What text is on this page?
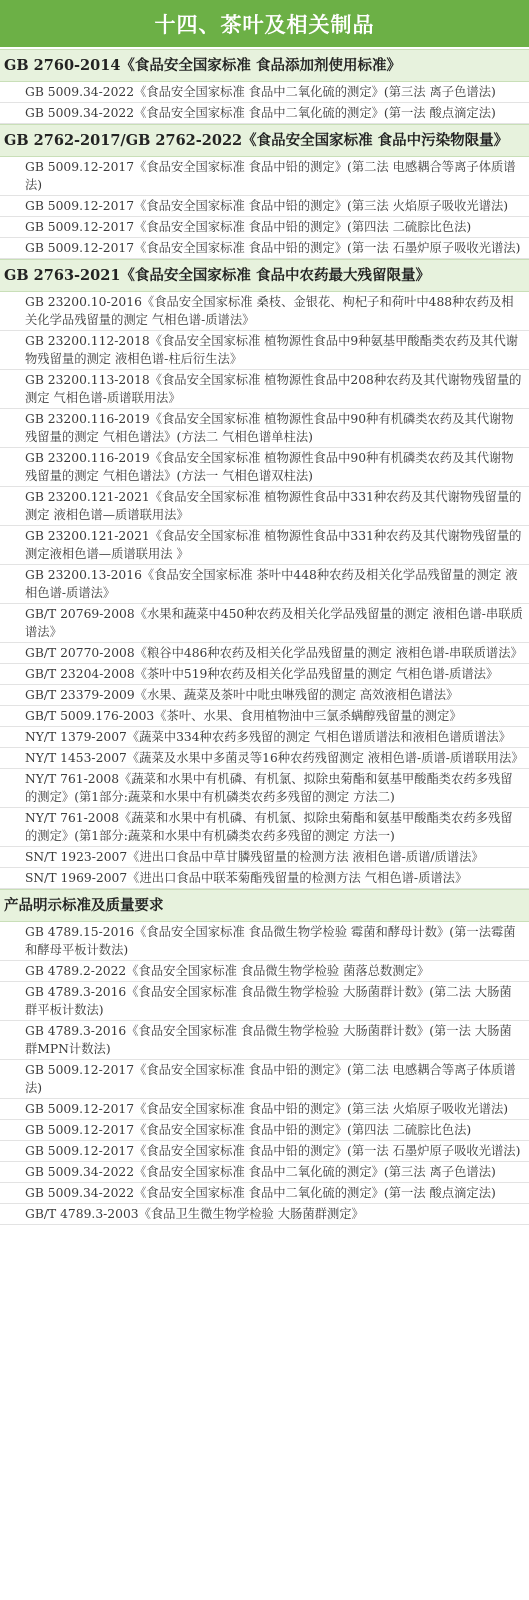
十四、茶叶及相关制品
GB 2760-2014《食品安全国家标准 食品添加剂使用标准》
GB 5009.34-2022《食品安全国家标准 食品中二氧化硫的测定》(第三法 离子色谱法)
GB 5009.34-2022《食品安全国家标准 食品中二氧化硫的测定》(第一法 酸点滴定法)
GB 2762-2017/GB 2762-2022《食品安全国家标准 食品中污染物限量》
GB 5009.12-2017《食品安全国家标准 食品中铅的测定》(第二法 电感耦合等离子体质谱法)
GB 5009.12-2017《食品安全国家标准 食品中铅的测定》(第三法 火焰原子吸收光谱法)
GB 5009.12-2017《食品安全国家标准 食品中铅的测定》(第四法 二硫腙比色法)
GB 5009.12-2017《食品安全国家标准 食品中铅的测定》(第一法 石墨炉原子吸收光谱法)
GB 2763-2021《食品安全国家标准 食品中农药最大残留限量》
GB 23200.10-2016《食品安全国家标准 桑枝、金银花、枸杞子和荷叶中488种农药及相关化学品残留量的测定 气相色谱-质谱法》
GB 23200.112-2018《食品安全国家标准 植物源性食品中9种氨基甲酸酯类农药及其代谢物残留量的测定 液相色谱-柱后衍生法》
GB 23200.113-2018《食品安全国家标准 植物源性食品中208种农药及其代谢物残留量的测定 气相色谱-质谱联用法》
GB 23200.116-2019《食品安全国家标准 植物源性食品中90种有机磷类农药及其代谢物残留量的测定 气相色谱法》(方法二 气相色谱单柱法)
GB 23200.116-2019《食品安全国家标准 植物源性食品中90种有机磷类农药及其代谢物残留量的测定 气相色谱法》(方法一 气相色谱双柱法)
GB 23200.121-2021《食品安全国家标准 植物源性食品中331种农药及其代谢物残留量的测定 液相色谱—质谱联用法》
GB 23200.121-2021《食品安全国家标准 植物源性食品中331种农药及其代谢物残留量的测定液相色谱—质谱联用法 》
GB 23200.13-2016《食品安全国家标准 茶叶中448种农药及相关化学品残留量的测定 液相色谱-质谱法》
GB/T 20769-2008《水果和蔬菜中450种农药及相关化学品残留量的测定 液相色谱-串联质谱法》
GB/T 20770-2008《粮谷中486种农药及相关化学品残留量的测定 液相色谱-串联质谱法》
GB/T 23204-2008《茶叶中519种农药及相关化学品残留量的测定 气相色谱-质谱法》
GB/T 23379-2009《水果、蔬菜及茶叶中吡虫啉残留的测定 高效液相色谱法》
GB/T 5009.176-2003《茶叶、水果、食用植物油中三氯杀螨醇残留量的测定》
NY/T 1379-2007《蔬菜中334种农药多残留的测定 气相色谱质谱法和液相色谱质谱法》
NY/T 1453-2007《蔬菜及水果中多菌灵等16种农药残留测定 液相色谱-质谱-质谱联用法》
NY/T 761-2008《蔬菜和水果中有机磷、有机氯、拟除虫菊酯和氨基甲酸酯类农药多残留的测定》(第1部分:蔬菜和水果中有机磷类农药多残留的测定 方法二)
NY/T 761-2008《蔬菜和水果中有机磷、有机氯、拟除虫菊酯和氨基甲酸酯类农药多残留的测定》(第1部分:蔬菜和水果中有机磷类农药多残留的测定 方法一)
SN/T 1923-2007《进出口食品中草甘膦残留量的检测方法 液相色谱-质谱/质谱法》
SN/T 1969-2007《进出口食品中联苯菊酯残留量的检测方法 气相色谱-质谱法》
产品明示标准及质量要求
GB 4789.15-2016《食品安全国家标准 食品微生物学检验 霉菌和酵母计数》(第一法霉菌和酵母平板计数法)
GB 4789.2-2022《食品安全国家标准 食品微生物学检验 菌落总数测定》
GB 4789.3-2016《食品安全国家标准 食品微生物学检验 大肠菌群计数》(第二法 大肠菌群平板计数法)
GB 4789.3-2016《食品安全国家标准 食品微生物学检验 大肠菌群计数》(第一法 大肠菌群MPN计数法)
GB 5009.12-2017《食品安全国家标准 食品中铅的测定》(第二法 电感耦合等离子体质谱法)
GB 5009.12-2017《食品安全国家标准 食品中铅的测定》(第三法 火焰原子吸收光谱法)
GB 5009.12-2017《食品安全国家标准 食品中铅的测定》(第四法 二硫腙比色法)
GB 5009.12-2017《食品安全国家标准 食品中铅的测定》(第一法 石墨炉原子吸收光谱法)
GB 5009.34-2022《食品安全国家标准 食品中二氧化硫的测定》(第三法 离子色谱法)
GB 5009.34-2022《食品安全国家标准 食品中二氧化硫的测定》(第一法 酸点滴定法)
GB/T 4789.3-2003《食品卫生微生物学检验 大肠菌群测定》
